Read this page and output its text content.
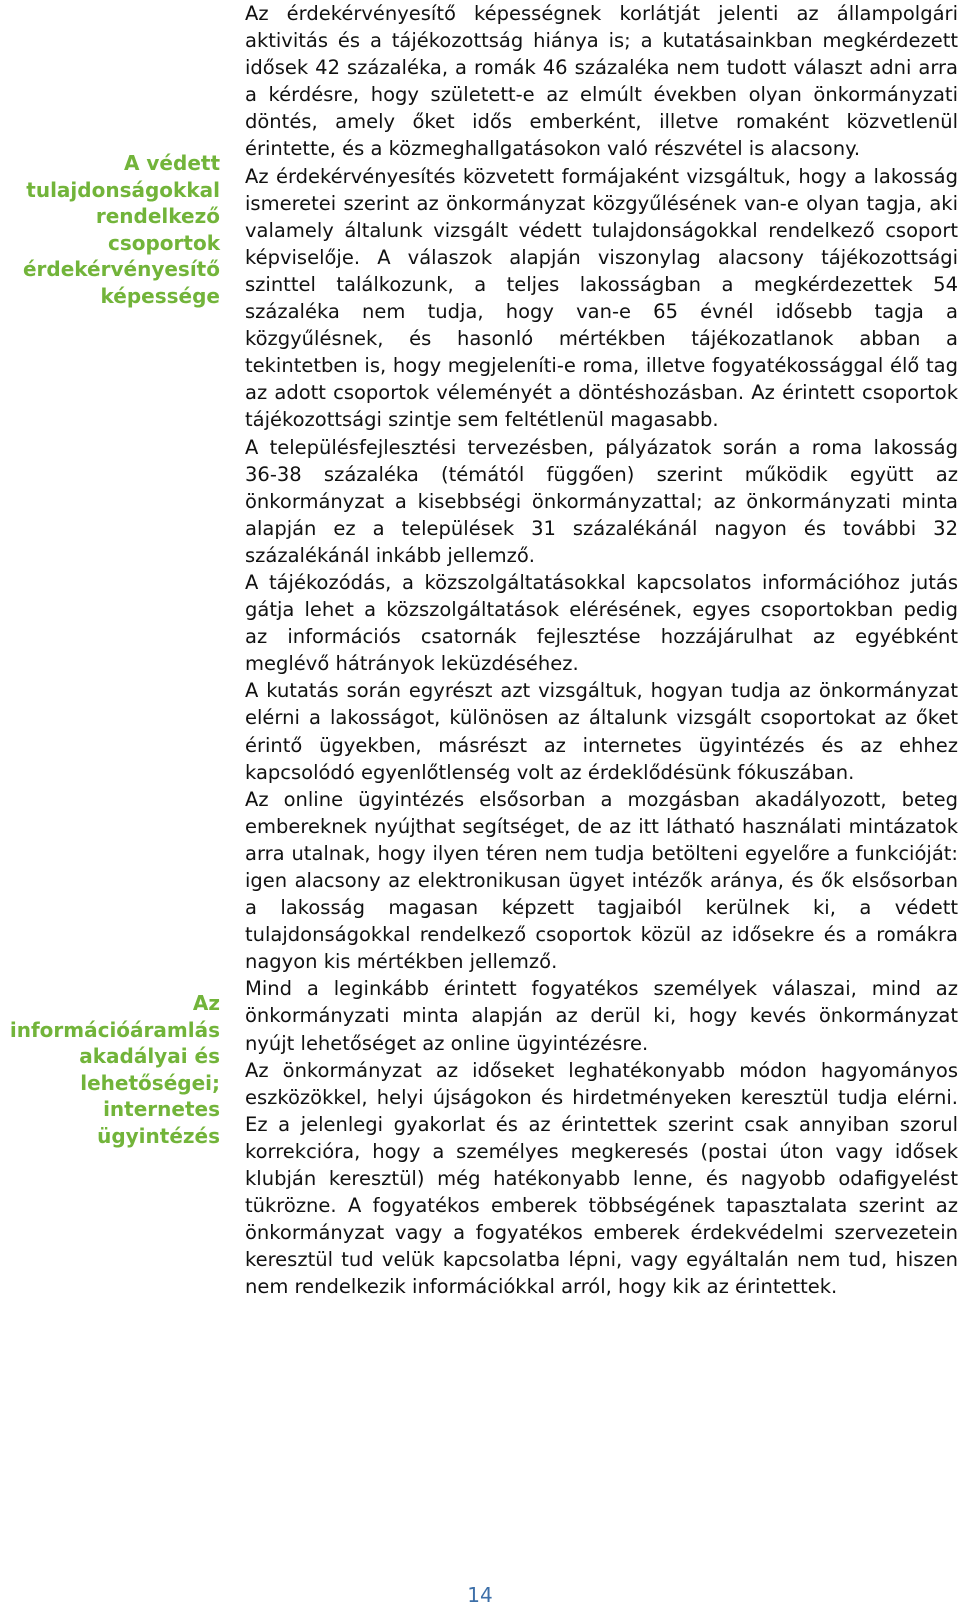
A védett tulajdonságokkal rendelkező csoportok érdekérvényesítő képessége
Az információáramlás akadályai és lehetőségei; internetes ügyintézés

Az érdekérvényesítő képességnek korlátját jelenti az állampolgári aktivitás és a tájékozottság hiánya is; a kutatásainkban megkérdezett idősek 42 százaléka, a romák 46 százaléka nem tudott választ adni arra a kérdésre, hogy született-e az elmúlt években olyan önkormányzati döntés, amely őket idős emberként, illetve romaként közvetlenül érintette, és a közmeghallgatásokon való részvétel is alacsony.

Az érdekérvényesítés közvetett formájaként vizsgáltuk, hogy a lakosság ismeretei szerint az önkormányzat közgyűlésének van-e olyan tagja, aki valamely általunk vizsgált védett tulajdonságokkal rendelkező csoport képviselője. A válaszok alapján viszonylag alacsony tájékozottsági szinttel találkozunk, a teljes lakosságban a megkérdezettek 54 százaléka nem tudja, hogy van-e 65 évnél idősebb tagja a közgyűlésnek, és hasonló mértékben tájékozatlanok abban a tekintetben is, hogy megjeleníti-e roma, illetve fogyatékossággal élő tag az adott csoportok véleményét a döntéshozásban. Az érintett csoportok tájékozottsági szintje sem feltétlenül magasabb.

A településfejlesztési tervezésben, pályázatok során a roma lakosság 36-38 százaléka (témától függően) szerint működik együtt az önkormányzat a kisebbségi önkormányzattal; az önkormányzati minta alapján ez a települések 31 százalékánál nagyon és további 32 százalékánál inkább jellemző.

A tájékozódás, a közszolgáltatásokkal kapcsolatos információhoz jutás gátja lehet a közszolgáltatások elérésének, egyes csoportokban pedig az információs csatornák fejlesztése hozzájárulhat az egyébként meglévő hátrányok leküzdéséhez.

A kutatás során egyrészt azt vizsgáltuk, hogyan tudja az önkormányzat elérni a lakosságot, különösen az általunk vizsgált csoportokat az őket érintő ügyekben, másrészt az internetes ügyintézés és az ehhez kapcsolódó egyenlőtlenség volt az érdeklődésünk fókuszában.

Az online ügyintézés elsősorban a mozgásban akadályozott, beteg embereknek nyújthat segítséget, de az itt látható használati mintázatok arra utalnak, hogy ilyen téren nem tudja betölteni egyelőre a funkcióját: igen alacsony az elektronikusan ügyet intézők aránya, és ők elsősorban a lakosság magasan képzett tagjaiból kerülnek ki, a védett tulajdonságokkal rendelkező csoportok közül az idősekre és a romákra nagyon kis mértékben jellemző.

Mind a leginkább érintett fogyatékos személyek válaszai, mind az önkormányzati minta alapján az derül ki, hogy kevés önkormányzat nyújt lehetőséget az online ügyintézésre.

Az önkormányzat az időseket leghatékonyabb módon hagyományos eszközökkel, helyi újságokon és hirdetményeken keresztül tudja elérni. Ez a jelenlegi gyakorlat és az érintettek szerint csak annyiban szorul korrekcióra, hogy a személyes megkeresés (postai úton vagy idősek klubján keresztül) még hatékonyabb lenne, és nagyobb odafigyelést tükrözne. A fogyatékos emberek többségének tapasztalata szerint az önkormányzat vagy a fogyatékos emberek érdekvédelmi szervezetein keresztül tud velük kapcsolatba lépni, vagy egyáltalán nem tud, hiszen nem rendelkezik információkkal arról, hogy kik az érintettek.

14
